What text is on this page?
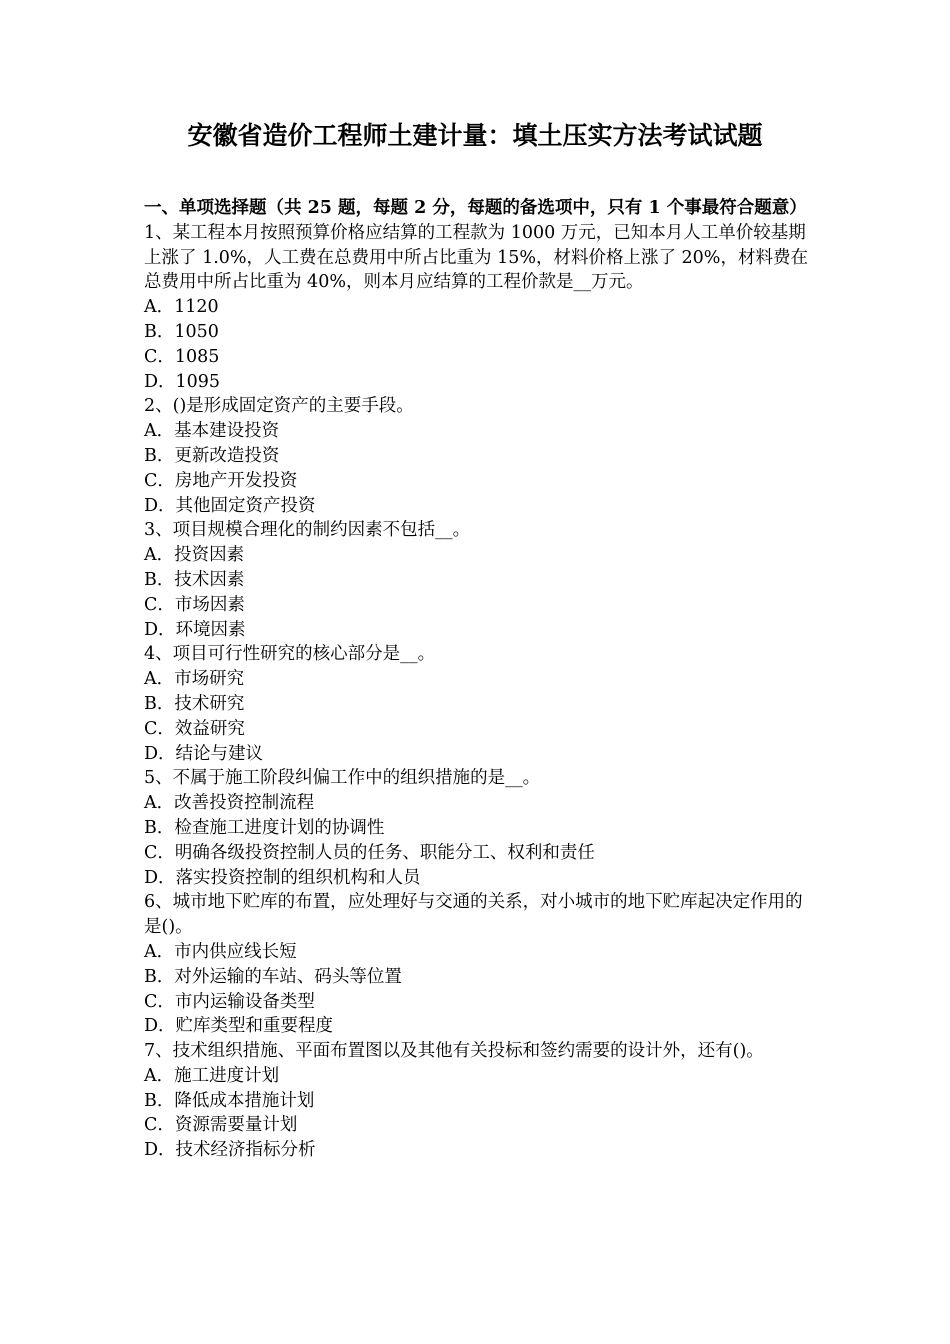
安徽省造价工程师土建计量：填土压实方法考试试题

一、单项选择题（共 25 题，每题 2 分，每题的备选项中，只有 1 个事最符合题意）

1、某工程本月按照预算价格应结算的工程款为 1000 万元，已知本月人工单价较基期上涨了 1.0%，人工费在总费用中所占比重为 15%，材料价格上涨了 20%，材料费在总费用中所占比重为 40%，则本月应结算的工程价款是__万元。

A．1120

B．1050

C．1085

D．1095

2、()是形成固定资产的主要手段。

A．基本建设投资

B．更新改造投资

C．房地产开发投资

D．其他固定资产投资

3、项目规模合理化的制约因素不包括__。

A．投资因素

B．技术因素

C．市场因素

D．环境因素

4、项目可行性研究的核心部分是__。

A．市场研究

B．技术研究

C．效益研究

D．结论与建议

5、不属于施工阶段纠偏工作中的组织措施的是__。

A．改善投资控制流程

B．检查施工进度计划的协调性

C．明确各级投资控制人员的任务、职能分工、权利和责任

D．落实投资控制的组织机构和人员

6、城市地下贮库的布置，应处理好与交通的关系，对小城市的地下贮库起决定作用的是()。

A．市内供应线长短

B．对外运输的车站、码头等位置

C．市内运输设备类型

D．贮库类型和重要程度

7、技术组织措施、平面布置图以及其他有关投标和签约需要的设计外，还有()。

A．施工进度计划

B．降低成本措施计划

C．资源需要量计划

D．技术经济指标分析
